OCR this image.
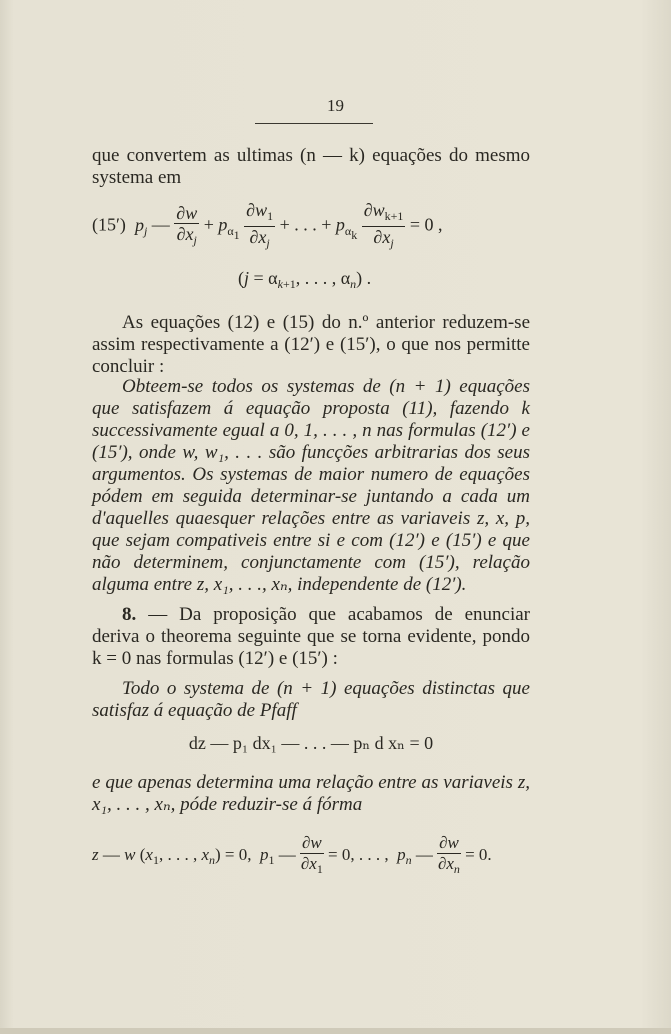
19
que convertem as ultimas (n — k) equações do mesmo systema em
(15′)  $p_j$ — $\frac{\partial w}{\partial x_j} + p_{\alpha_1} \frac{\partial w_1}{\partial x_j}$ + . . . + $p_{\alpha_k} \frac{\partial w_{k+1}}{\partial x_j} = 0$ ,
($j = \alpha_{k+1}$, . . . , $\alpha_n$) .
As equações (12) e (15) do n.º anterior reduzem-se assim respectivamente a (12′) e (15′), o que nos permitte concluir :
Obteem-se todos os systemas de (n + 1) equações que satisfazem á equação proposta (11), fazendo k successivamente egual a 0, 1, . . . , n nas formulas (12′) e (15′), onde w, w₁, . . . são funcções arbitrarias dos seus argumentos. Os systemas de maior numero de equações pódem em seguida determinar-se juntando a cada um d'aquelles quaesquer relações entre as variaveis z, x, p, que sejam compativeis entre si e com (12′) e (15′) e que não determinem, conjunctamente com (15′), relação alguma entre z, x₁, . . ., xₙ, independente de (12′).
8. — Da proposição que acabamos de enunciar deriva o theorema seguinte que se torna evidente, pondo k = 0 nas formulas (12′) e (15′) :
Todo o systema de (n + 1) equações distinctas que satisfaz á equação de Pfaff
dz — p₁ dx₁ — . . . — pₙ d xₙ = 0
e que apenas determina uma relação entre as variaveis z, x₁, . . . , xₙ, póde reduzir-se á fórma
z — w ($x_1$, . . . , $x_n) = 0$,  $p_1$ — $\frac{\partial w}{\partial x_1} = 0$, . . . ,  $p_n$ — $\frac{\partial w}{\partial x_n} = 0$.
